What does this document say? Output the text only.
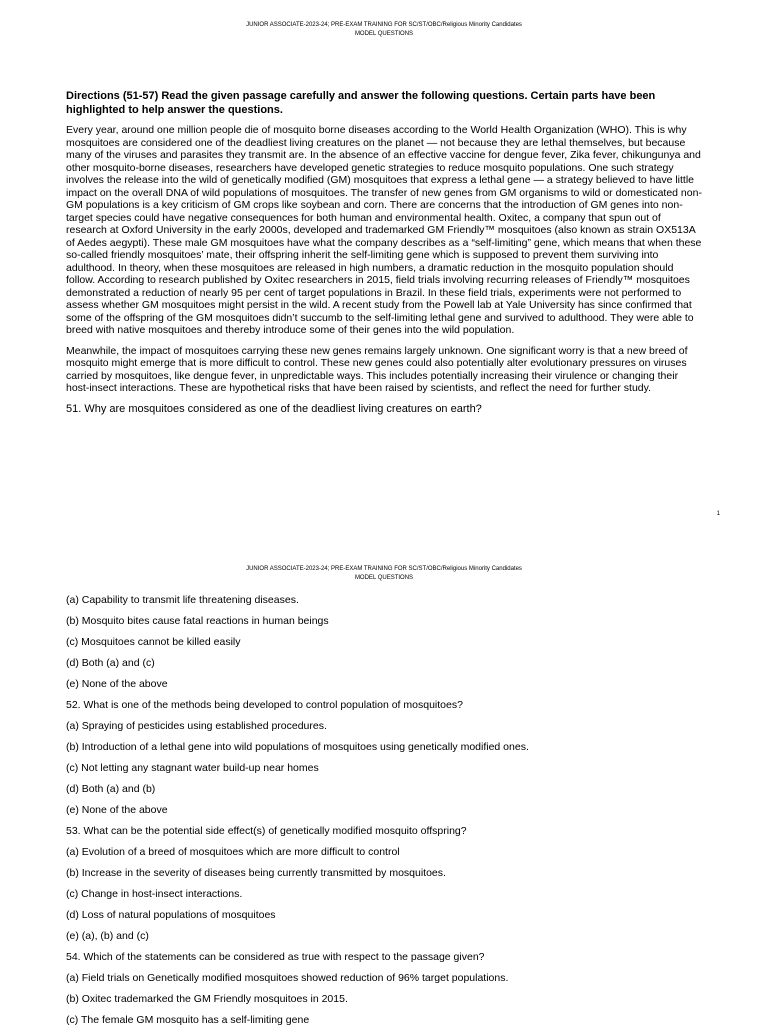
JUNIOR ASSOCIATE-2023-24; PRE-EXAM TRAINING FOR SC/ST/OBC/Religious Minority Candidates
MODEL QUESTIONS
Directions (51-57) Read the given passage carefully and answer the following questions. Certain parts have been highlighted to help answer the questions.
Every year, around one million people die of mosquito borne diseases according to the World Health Organization (WHO). This is why mosquitoes are considered one of the deadliest living creatures on the planet — not because they are lethal themselves, but because many of the viruses and parasites they transmit are. In the absence of an effective vaccine for dengue fever, Zika fever, chikungunya and other mosquito-borne diseases, researchers have developed genetic strategies to reduce mosquito populations. One such strategy involves the release into the wild of genetically modified (GM) mosquitoes that express a lethal gene — a strategy believed to have little impact on the overall DNA of wild populations of mosquitoes. The transfer of new genes from GM organisms to wild or domesticated non-GM populations is a key criticism of GM crops like soybean and corn. There are concerns that the introduction of GM genes into non-target species could have negative consequences for both human and environmental health. Oxitec, a company that spun out of research at Oxford University in the early 2000s, developed and trademarked GM Friendly™ mosquitoes (also known as strain OX513A of Aedes aegypti). These male GM mosquitoes have what the company describes as a “self-limiting” gene, which means that when these so-called friendly mosquitoes’ mate, their offspring inherit the self-limiting gene which is supposed to prevent them surviving into adulthood. In theory, when these mosquitoes are released in high numbers, a dramatic reduction in the mosquito population should follow. According to research published by Oxitec researchers in 2015, field trials involving recurring releases of Friendly™ mosquitoes demonstrated a reduction of nearly 95 per cent of target populations in Brazil. In these field trials, experiments were not performed to assess whether GM mosquitoes might persist in the wild. A recent study from the Powell lab at Yale University has since confirmed that some of the offspring of the GM mosquitoes didn’t succumb to the self-limiting lethal gene and survived to adulthood. They were able to breed with native mosquitoes and thereby introduce some of their genes into the wild population.
Meanwhile, the impact of mosquitoes carrying these new genes remains largely unknown. One significant worry is that a new breed of mosquito might emerge that is more difficult to control. These new genes could also potentially alter evolutionary pressures on viruses carried by mosquitoes, like dengue fever, in unpredictable ways. This includes potentially increasing their virulence or changing their host-insect interactions. These are hypothetical risks that have been raised by scientists, and reflect the need for further study.
51. Why are mosquitoes considered as one of the deadliest living creatures on earth?
1
JUNIOR ASSOCIATE-2023-24; PRE-EXAM TRAINING FOR SC/ST/OBC/Religious Minority Candidates
MODEL QUESTIONS
(a) Capability to transmit life threatening diseases.
(b) Mosquito bites cause fatal reactions in human beings
(c) Mosquitoes cannot be killed easily
(d) Both (a) and (c)
(e) None of the above
52. What is one of the methods being developed to control population of mosquitoes?
(a) Spraying of pesticides using established procedures.
(b) Introduction of a lethal gene into wild populations of mosquitoes using genetically modified ones.
(c) Not letting any stagnant water build-up near homes
(d) Both (a) and (b)
(e) None of the above
53. What can be the potential side effect(s) of genetically modified mosquito offspring?
(a) Evolution of a breed of mosquitoes which are more difficult to control
(b) Increase in the severity of diseases being currently transmitted by mosquitoes.
(c) Change in host-insect interactions.
(d) Loss of natural populations of mosquitoes
(e) (a), (b) and (c)
54. Which of the statements can be considered as true with respect to the passage given?
(a) Field trials on Genetically modified mosquitoes showed reduction of 96% target populations.
(b) Oxitec trademarked the GM Friendly mosquitoes in 2015.
(c) The female GM mosquito has a self-limiting gene
